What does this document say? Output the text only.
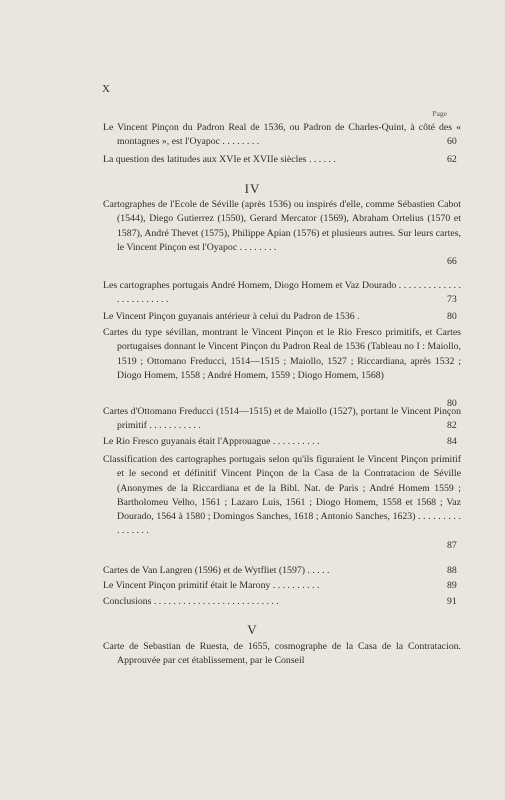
X
Page
60
Le Vincent Pinçon du Padron Real de 1536, ou Padron de Charles-Quint, à côté des « montagnes », est l'Oyapoc . . . . . . . .
62
La question des latitudes aux XVIe et XVIIe siècles . . . . . .
IV
66
Cartographes de l'Ecole de Séville (après 1536) ou inspirés d'elle, comme Sébastien Cabot (1544), Diego Gutierrez (1550), Gerard Mercator (1569), Abraham Ortelius (1570 et 1587), André Thevet (1575), Philippe Apian (1576) et plusieurs autres. Sur leurs cartes, le Vincent Pinçon est l'Oyapoc . . . . . . . .
73
Les cartographes portugais André Homem, Diogo Homem et Vaz Dourado . . . . . . . . . . . . . . . . . . . . . . . .
80
Le Vincent Pinçon guyanais antérieur à celui du Padron de 1536 .
80
Cartes du type sévillan, montrant le Vincent Pinçon et le Rio Fresco primitifs, et Cartes portugaises donnant le Vincent Pinçon du Padron Real de 1536 (Tableau no I : Maiollo, 1519 ; Ottomano Freducci, 1514—1515 ; Maiollo, 1527 ; Riccardiana, après 1532 ; Diogo Homem, 1558 ; André Homem, 1559 ; Diogo Homem, 1568)
82
Cartes d'Ottomano Freducci (1514—1515) et de Maiollo (1527), portant le Vincent Pinçon primitif . . . . . . . . . . .
84
Le Rio Fresco guyanais était l'Approuague . . . . . . . . . .
87
Classification des cartographes portugais selon qu'ils figuraient le Vincent Pinçon primitif et le second et définitif Vincent Pinçon de la Casa de la Contratacion de Séville (Anonymes de la Riccardiana et de la Bibl. Nat. de Paris ; André Homem 1559 ; Bartholomeu Velho, 1561 ; Lazaro Luis, 1561 ; Diogo Homem, 1558 et 1568 ; Vaz Dourado, 1564 à 1580 ; Domingos Sanches, 1618 ; Antonio Sanches, 1623) . . . . . . . . . . . . . . . .
88
Cartes de Van Langren (1596) et de Wytfliet (1597) . . . . .
89
Le Vincent Pinçon primitif était le Marony . . . . . . . . . .
91
Conclusions . . . . . . . . . . . . . . . . . . . . . . . . . .
V
Carte de Sebastian de Ruesta, de 1655, cosmographe de la Casa de la Contratacion. Approuvée par cet établissement, par le Conseil
